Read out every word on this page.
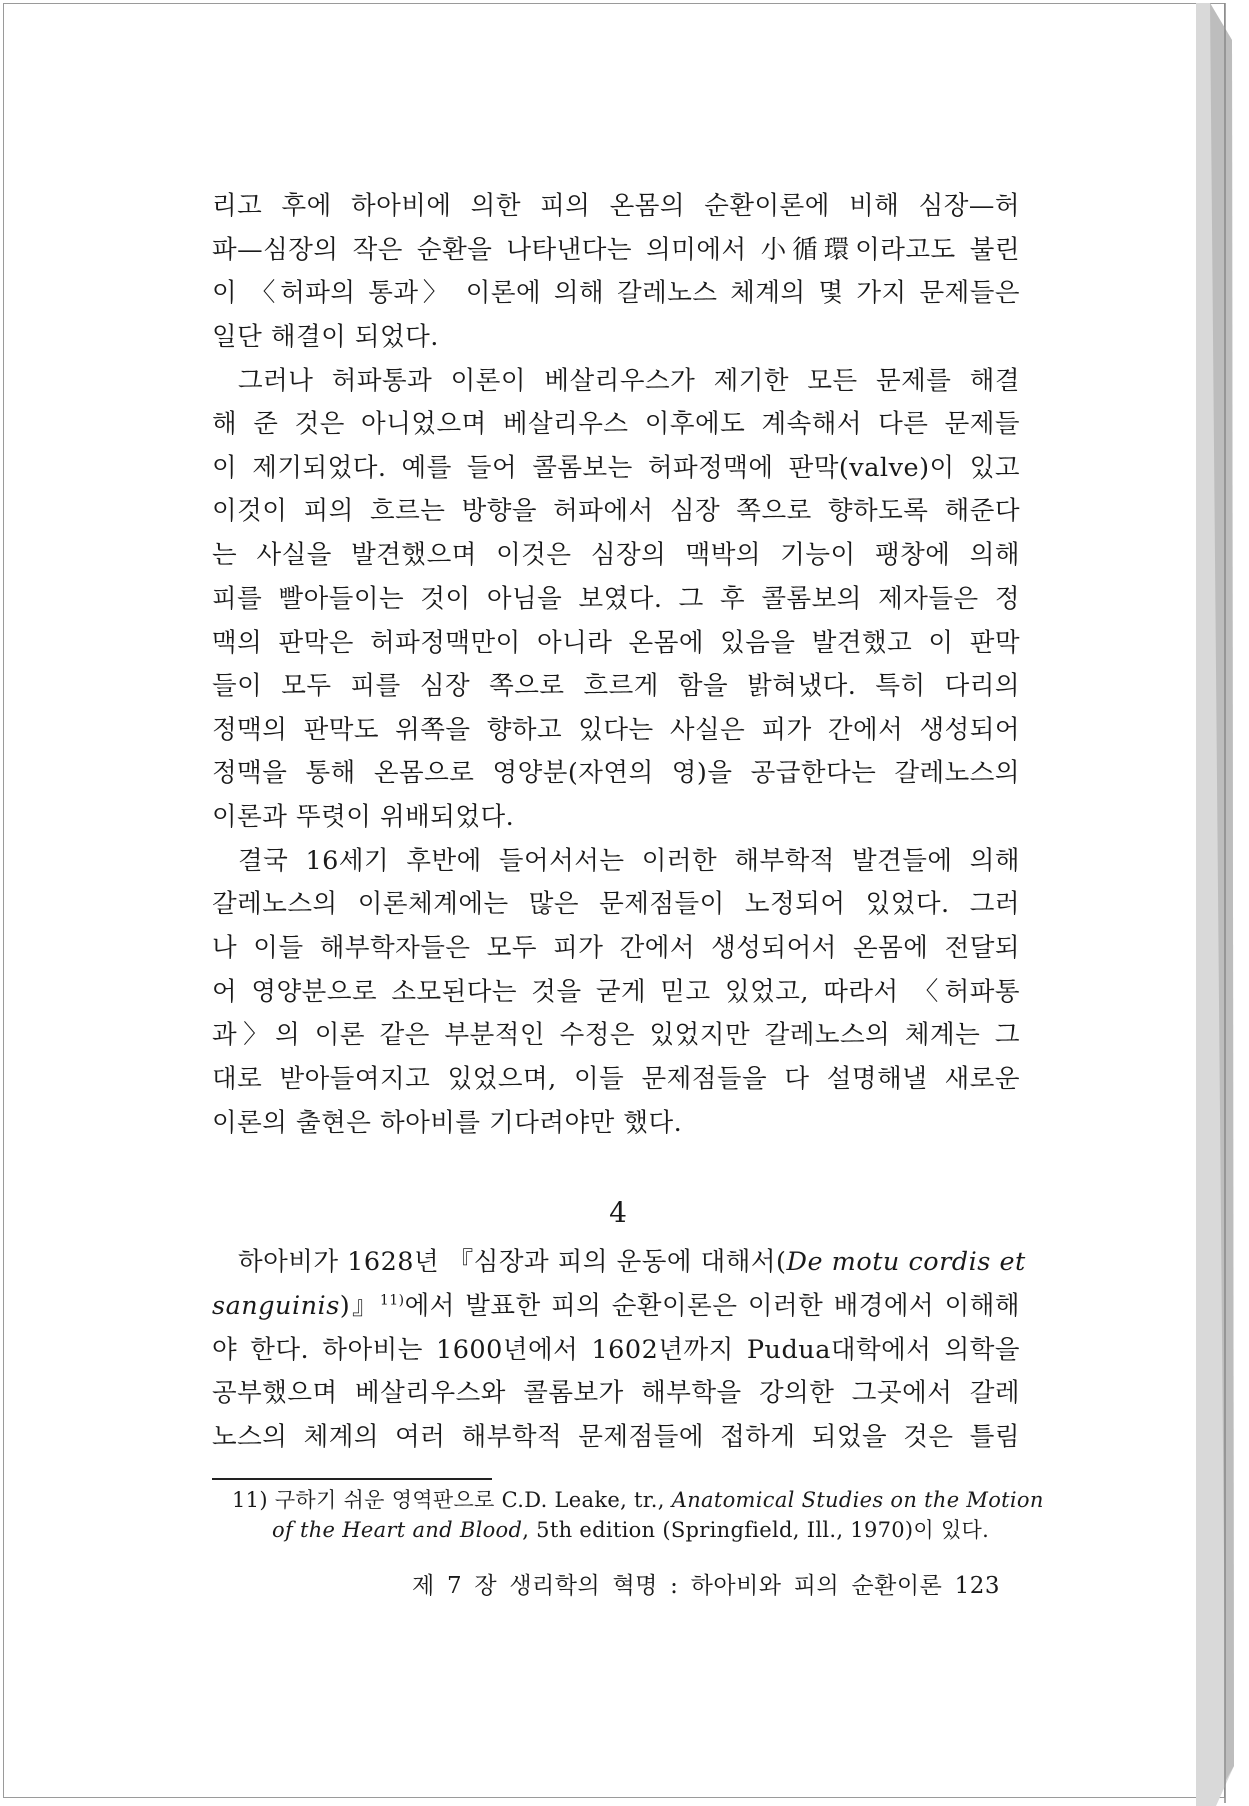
리고 후에 하아비에 의한 피의 온몸의 순환이론에 비해 심장—허
파—심장의 작은 순환을 나타낸다는 의미에서 小循環이라고도 불린
이 〈허파의 통과〉 이론에 의해 갈레노스 체계의 몇 가지 문제들은
일단 해결이 되었다.
그러나 허파통과 이론이 베살리우스가 제기한 모든 문제를 해결
해 준 것은 아니었으며 베살리우스 이후에도 계속해서 다른 문제들
이 제기되었다. 예를 들어 콜롬보는 허파정맥에 판막(valve)이 있고
이것이 피의 흐르는 방향을 허파에서 심장 쪽으로 향하도록 해준다
는 사실을 발견했으며 이것은 심장의 맥박의 기능이 팽창에 의해
피를 빨아들이는 것이 아님을 보였다. 그 후 콜롬보의 제자들은 정
맥의 판막은 허파정맥만이 아니라 온몸에 있음을 발견했고 이 판막
들이 모두 피를 심장 쪽으로 흐르게 함을 밝혀냈다. 특히 다리의
정맥의 판막도 위쪽을 향하고 있다는 사실은 피가 간에서 생성되어
정맥을 통해 온몸으로 영양분(자연의 영)을 공급한다는 갈레노스의
이론과 뚜렷이 위배되었다.
결국 16세기 후반에 들어서서는 이러한 해부학적 발견들에 의해
갈레노스의 이론체계에는 많은 문제점들이 노정되어 있었다. 그러
나 이들 해부학자들은 모두 피가 간에서 생성되어서 온몸에 전달되
어 영양분으로 소모된다는 것을 굳게 믿고 있었고, 따라서 〈허파통
과〉의 이론 같은 부분적인 수정은 있었지만 갈레노스의 체계는 그
대로 받아들여지고 있었으며, 이들 문제점들을 다 설명해낼 새로운
이론의 출현은 하아비를 기다려야만 했다.
4
하아비가 1628년 『심장과 피의 운동에 대해서(De motu cordis et
sanguinis)』$^{11)}$에서 발표한 피의 순환이론은 이러한 배경에서 이해해
야 한다. 하아비는 1600년에서 1602년까지 Pudua대학에서 의학을
공부했으며 베살리우스와 콜롬보가 해부학을 강의한 그곳에서 갈레
노스의 체계의 여러 해부학적 문제점들에 접하게 되었을 것은 틀림
11) 구하기 쉬운 영역판으로 C.D. Leake, tr., Anatomical Studies on the Motion
of the Heart and Blood, 5th edition (Springfield, Ill., 1970)이 있다.
제 7 장 생리학의 혁명 : 하아비와 피의 순환이론 123
